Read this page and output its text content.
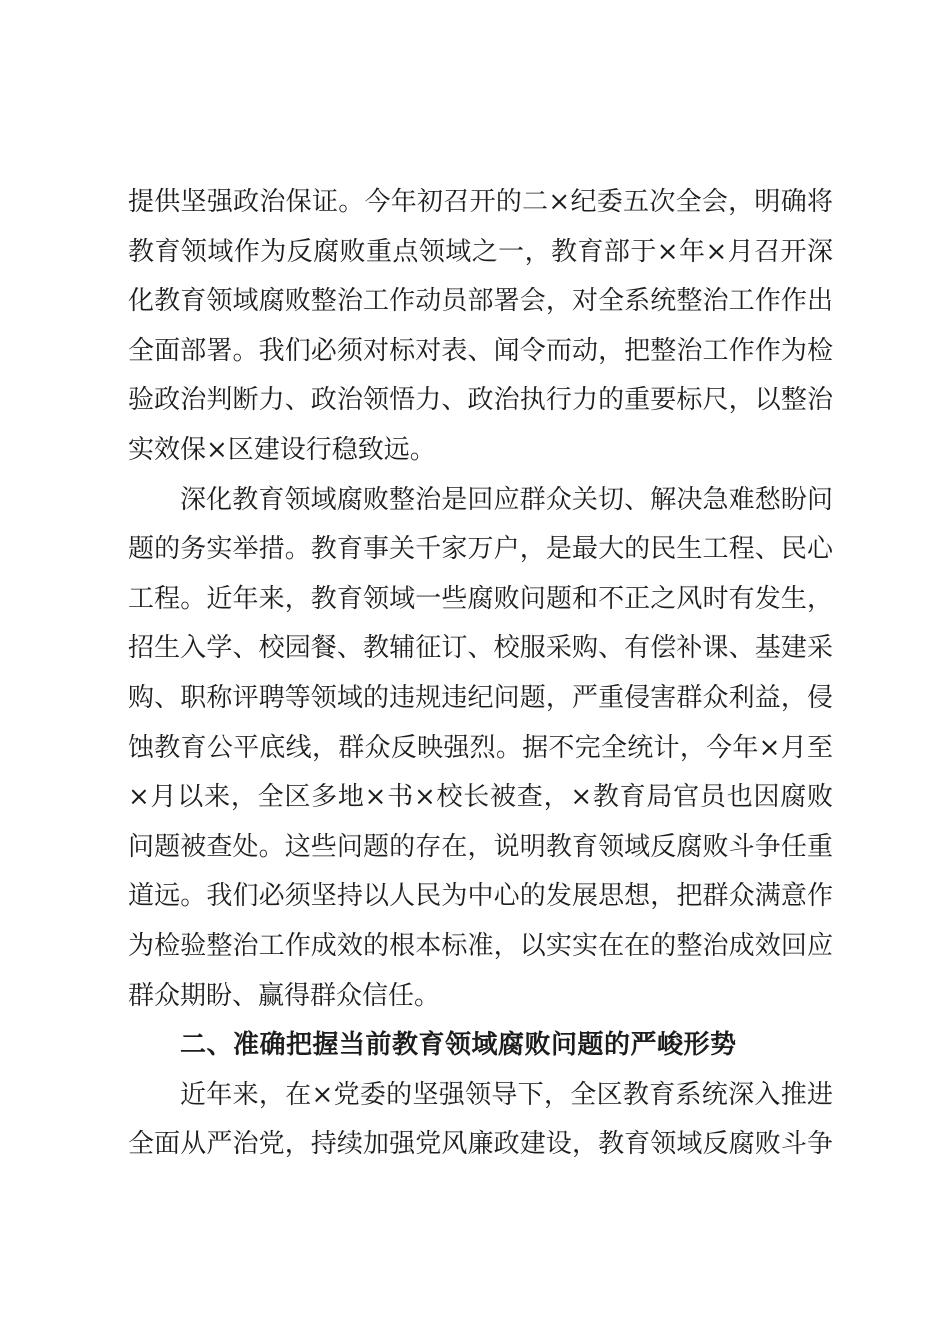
提供坚强政治保证。今年初召开的二×纪委五次全会，明确将
教育领域作为反腐败重点领域之一，教育部于×年×月召开深
化教育领域腐败整治工作动员部署会，对全系统整治工作作出
全面部署。我们必须对标对表、闻令而动，把整治工作作为检
验政治判断力、政治领悟力、政治执行力的重要标尺，以整治
实效保×区建设行稳致远。
深化教育领域腐败整治是回应群众关切、解决急难愁盼问
题的务实举措。教育事关千家万户，是最大的民生工程、民心
工程。近年来，教育领域一些腐败问题和不正之风时有发生，
招生入学、校园餐、教辅征订、校服采购、有偿补课、基建采
购、职称评聘等领域的违规违纪问题，严重侵害群众利益，侵
蚀教育公平底线，群众反映强烈。据不完全统计，今年×月至
×月以来，全区多地×书×校长被查，×教育局官员也因腐败
问题被查处。这些问题的存在，说明教育领域反腐败斗争任重
道远。我们必须坚持以人民为中心的发展思想，把群众满意作
为检验整治工作成效的根本标准，以实实在在的整治成效回应
群众期盼、赢得群众信任。
二、准确把握当前教育领域腐败问题的严峻形势
近年来，在×党委的坚强领导下，全区教育系统深入推进
全面从严治党，持续加强党风廉政建设，教育领域反腐败斗争
